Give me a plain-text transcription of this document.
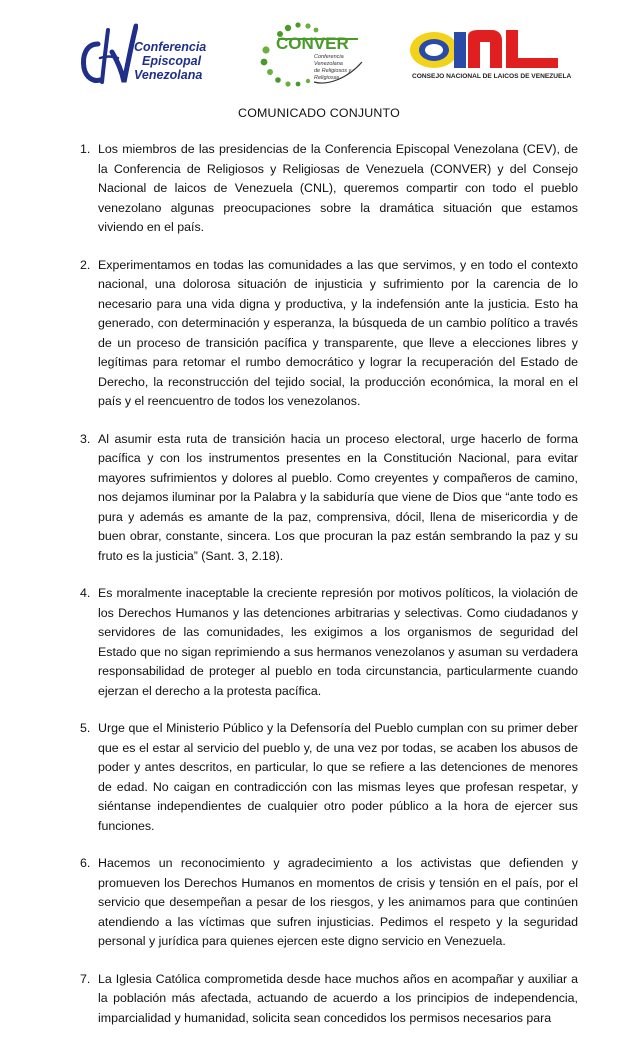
Conferencia
Episcopal
Venezolana
CONVER
Conferencia Venezolana
de Religiosos y Religiosas	CONSEJO NACIONAL DE LAICOS DE VENEZUELA
COMUNICADO CONJUNTO
1. Los miembros de las presidencias de la Conferencia Episcopal Venezolana (CEV), de la Conferencia de Religiosos y Religiosas de Venezuela (CONVER) y del Consejo Nacional de laicos de Venezuela (CNL), queremos compartir con todo el pueblo venezolano algunas preocupaciones sobre la dramática situación que estamos viviendo en el país.

2. Experimentamos en todas las comunidades a las que servimos, y en todo el contexto nacional, una dolorosa situación de injusticia y sufrimiento por la carencia de lo necesario para una vida digna y productiva, y la indefensión ante la justicia. Esto ha generado, con determinación y esperanza, la búsqueda de un cambio político a través de un proceso de transición pacífica y transparente, que lleve a elecciones libres y legítimas para retomar el rumbo democrático y lograr la recuperación del Estado de Derecho, la reconstrucción del tejido social, la producción económica, la moral en el país y el reencuentro de todos los venezolanos.

3. Al asumir esta ruta de transición hacia un proceso electoral, urge hacerlo de forma pacífica y con los instrumentos presentes en la Constitución Nacional, para evitar mayores sufrimientos y dolores al pueblo. Como creyentes y compañeros de camino, nos dejamos iluminar por la Palabra y la sabiduría que viene de Dios que “ante todo es pura y además es amante de la paz, comprensiva, dócil, llena de misericordia y de buen obrar, constante, sincera. Los que procuran la paz están sembrando la paz y su fruto es la justicia” (Sant. 3, 2.18).

4. Es moralmente inaceptable la creciente represión por motivos políticos, la violación de los Derechos Humanos y las detenciones arbitrarias y selectivas. Como ciudadanos y servidores de las comunidades, les exigimos a los organismos de seguridad del Estado que no sigan reprimiendo a sus hermanos venezolanos y asuman su verdadera responsabilidad de proteger al pueblo en toda circunstancia, particularmente cuando ejerzan el derecho a la protesta pacífica.

5. Urge que el Ministerio Público y la Defensoría del Pueblo cumplan con su primer deber que es el estar al servicio del pueblo y, de una vez por todas, se acaben los abusos de poder y antes descritos, en particular, lo que se refiere a las detenciones de menores de edad. No caigan en contradicción con las mismas leyes que profesan respetar, y siéntanse independientes de cualquier otro poder público a la hora de ejercer sus funciones.

6. Hacemos un reconocimiento y agradecimiento a los activistas que defienden y promueven los Derechos Humanos en momentos de crisis y tensión en el país, por el servicio que desempeñan a pesar de los riesgos, y les animamos para que continúen atendiendo a las víctimas que sufren injusticias. Pedimos el respeto y la seguridad personal y jurídica para quienes ejercen este digno servicio en Venezuela.

7. La Iglesia Católica comprometida desde hace muchos años en acompañar y auxiliar a la población más afectada, actuando de acuerdo a los principios de independencia, imparcialidad y humanidad, solicita sean concedidos los permisos necesarios para
